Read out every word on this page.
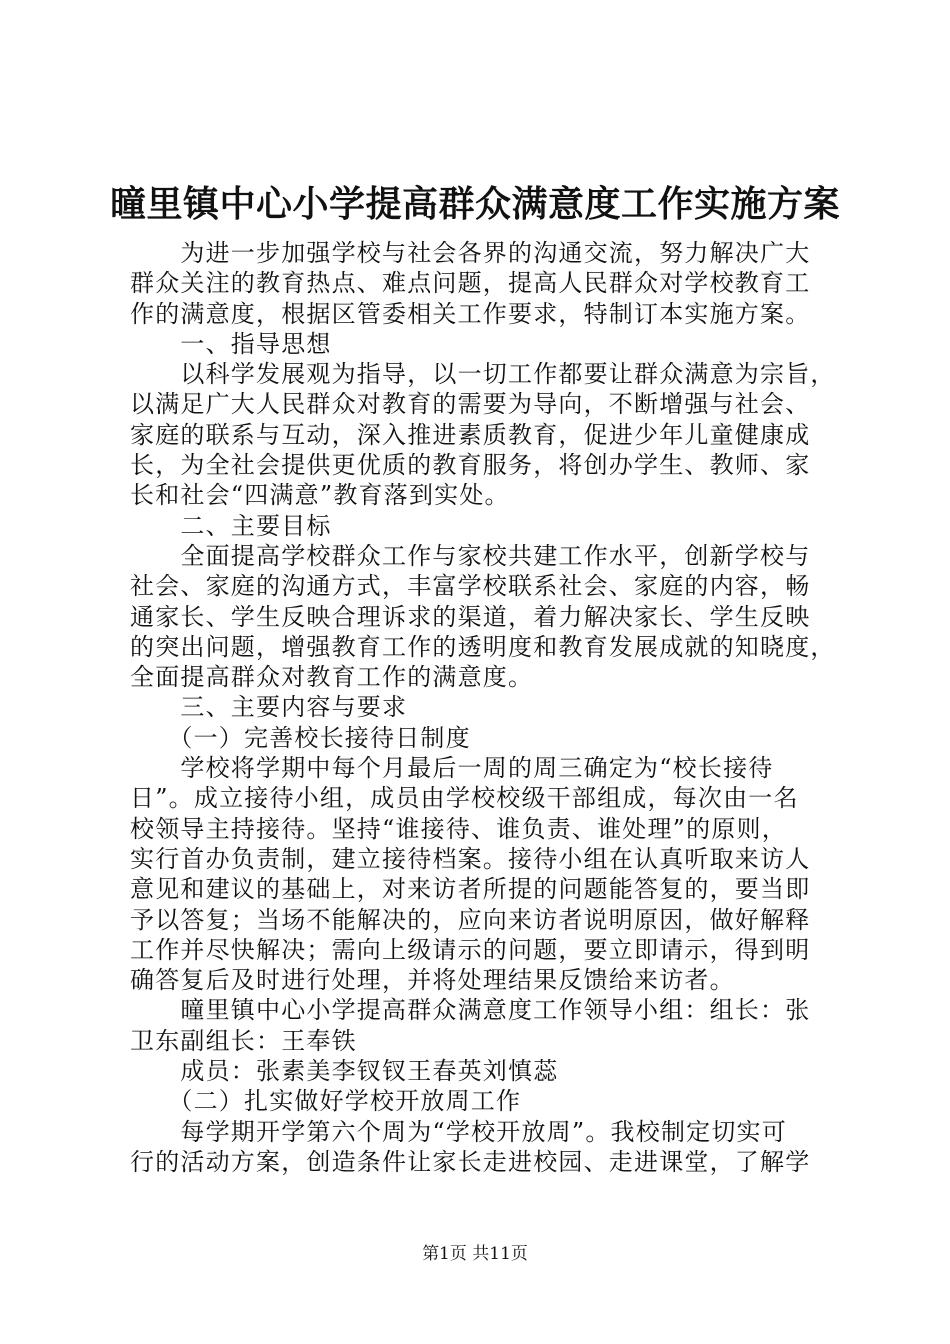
曈里镇中心小学提高群众满意度工作实施方案
　　为进一步加强学校与社会各界的沟通交流，努力解决广大
群众关注的教育热点、难点问题，提高人民群众对学校教育工
作的满意度，根据区管委相关工作要求，特制订本实施方案。
　　一、指导思想
　　以科学发展观为指导，以一切工作都要让群众满意为宗旨，
以满足广大人民群众对教育的需要为导向，不断增强与社会、
家庭的联系与互动，深入推进素质教育，促进少年儿童健康成
长，为全社会提供更优质的教育服务，将创办学生、教师、家
长和社会“四满意”教育落到实处。
　　二、主要目标
　　全面提高学校群众工作与家校共建工作水平，创新学校与
社会、家庭的沟通方式，丰富学校联系社会、家庭的内容，畅
通家长、学生反映合理诉求的渠道，着力解决家长、学生反映
的突出问题，增强教育工作的透明度和教育发展成就的知晓度，
全面提高群众对教育工作的满意度。
　　三、主要内容与要求
　　（一）完善校长接待日制度
　　学校将学期中每个月最后一周的周三确定为“校长接待
日”。成立接待小组，成员由学校校级干部组成，每次由一名
校领导主持接待。坚持“谁接待、谁负责、谁处理”的原则，
实行首办负责制，建立接待档案。接待小组在认真听取来访人
意见和建议的基础上，对来访者所提的问题能答复的，要当即
予以答复；当场不能解决的，应向来访者说明原因，做好解释
工作并尽快解决；需向上级请示的问题，要立即请示，得到明
确答复后及时进行处理，并将处理结果反馈给来访者。
　　曈里镇中心小学提高群众满意度工作领导小组：组长：张
卫东副组长：王奉铁
　　成员：张素美李钗钗王春英刘慎蕊
　　（二）扎实做好学校开放周工作
　　每学期开学第六个周为“学校开放周”。我校制定切实可
行的活动方案，创造条件让家长走进校园、走进课堂，了解学
第1页 共11页
